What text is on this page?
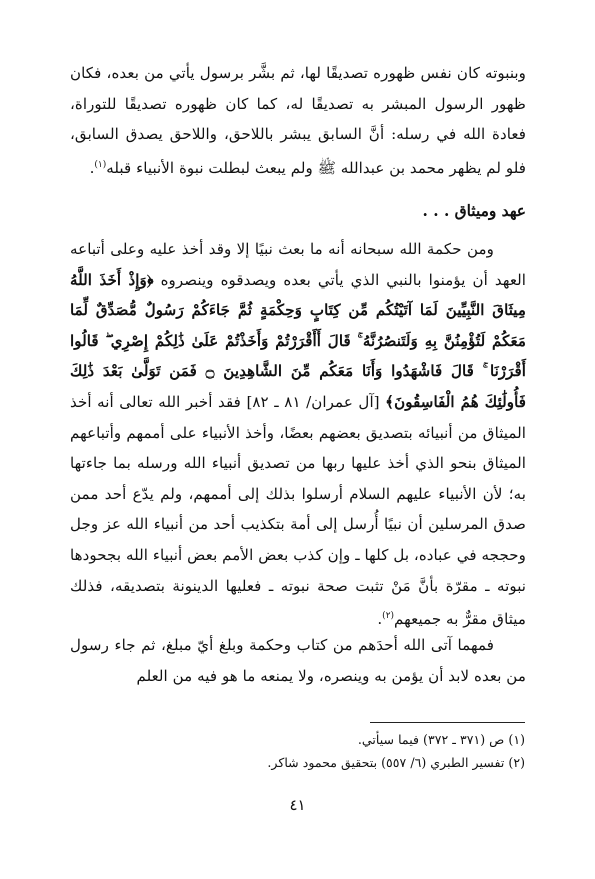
وبنبوته كان نفس ظهوره تصديقًا لها، ثم بشَّر برسول يأتي من بعده، فكان ظهور الرسول المبشر به تصديقًا له، كما كان ظهوره تصديقًا للتوراة، فعادة الله في رسله: أنَّ السابق يبشر باللاحق، واللاحق يصدق السابق، فلو لم يظهر محمد بن عبدالله ﷺ ولم يبعث لبطلت نبوة الأنبياء قبله$^{(١)}$.

عهد وميثاق . . .

ومن حكمة الله سبحانه أنه ما بعث نبيًا إلا وقد أخذ عليه وعلى أتباعه العهد أن يؤمنوا بالنبي الذي يأتي بعده ويصدقوه وينصروه ﴿وَإِذْ أَخَذَ اللَّهُ مِيثَاقَ النَّبِيِّينَ لَمَا آتَيْتُكُم مِّن كِتَابٍ وَحِكْمَةٍ ثُمَّ جَاءَكُمْ رَسُولٌ مُّصَدِّقٌ لِّمَا مَعَكُمْ لَتُؤْمِنُنَّ بِهِ وَلَتَنصُرُنَّهُ ۚ قَالَ أَأَقْرَرْتُمْ وَأَخَذْتُمْ عَلَىٰ ذَٰلِكُمْ إِصْرِي ۖ قَالُوا أَقْرَرْنَا ۚ قَالَ فَاشْهَدُوا وَأَنَا مَعَكُم مِّنَ الشَّاهِدِينَ ۝ فَمَن تَوَلَّىٰ بَعْدَ ذَٰلِكَ فَأُولَٰئِكَ هُمُ الْفَاسِقُونَ﴾ [آل عمران/ ٨١ ـ ٨٢] فقد أخبر الله تعالى أنه أخذ الميثاق من أنبيائه بتصديق بعضهم بعضًا، وأخذ الأنبياء على أممهم وأتباعهم الميثاق بنحو الذي أخذ عليها ربها من تصديق أنبياء الله ورسله بما جاءتها به؛ لأن الأنبياء عليهم السلام أرسلوا بذلك إلى أممهم، ولم يدّع أحد ممن صدق المرسلين أن نبيًا أُرسل إلى أمة بتكذيب أحد من أنبياء الله عز وجل وحججه في عباده، بل كلها ـ وإن كذب بعض الأمم بعض أنبياء الله بجحودها نبوته ـ مقرّة بأنَّ مَنْ تثبت صحة نبوته ـ فعليها الدينونة بتصديقه، فذلك ميثاق مقرٌّ به جميعهم$^{(٢)}$.

فمهما آتى الله أحدَهم من كتاب وحكمة وبلغ أيّ مبلغ، ثم جاء رسول من بعده لابد أن يؤمن به وينصره، ولا يمنعه ما هو فيه من العلم

(١) ص (٣٧١ ـ ٣٧٢) فيما سيأتي.
(٢) تفسير الطبري (٦/ ٥٥٧) بتحقيق محمود شاكر.
٤١
